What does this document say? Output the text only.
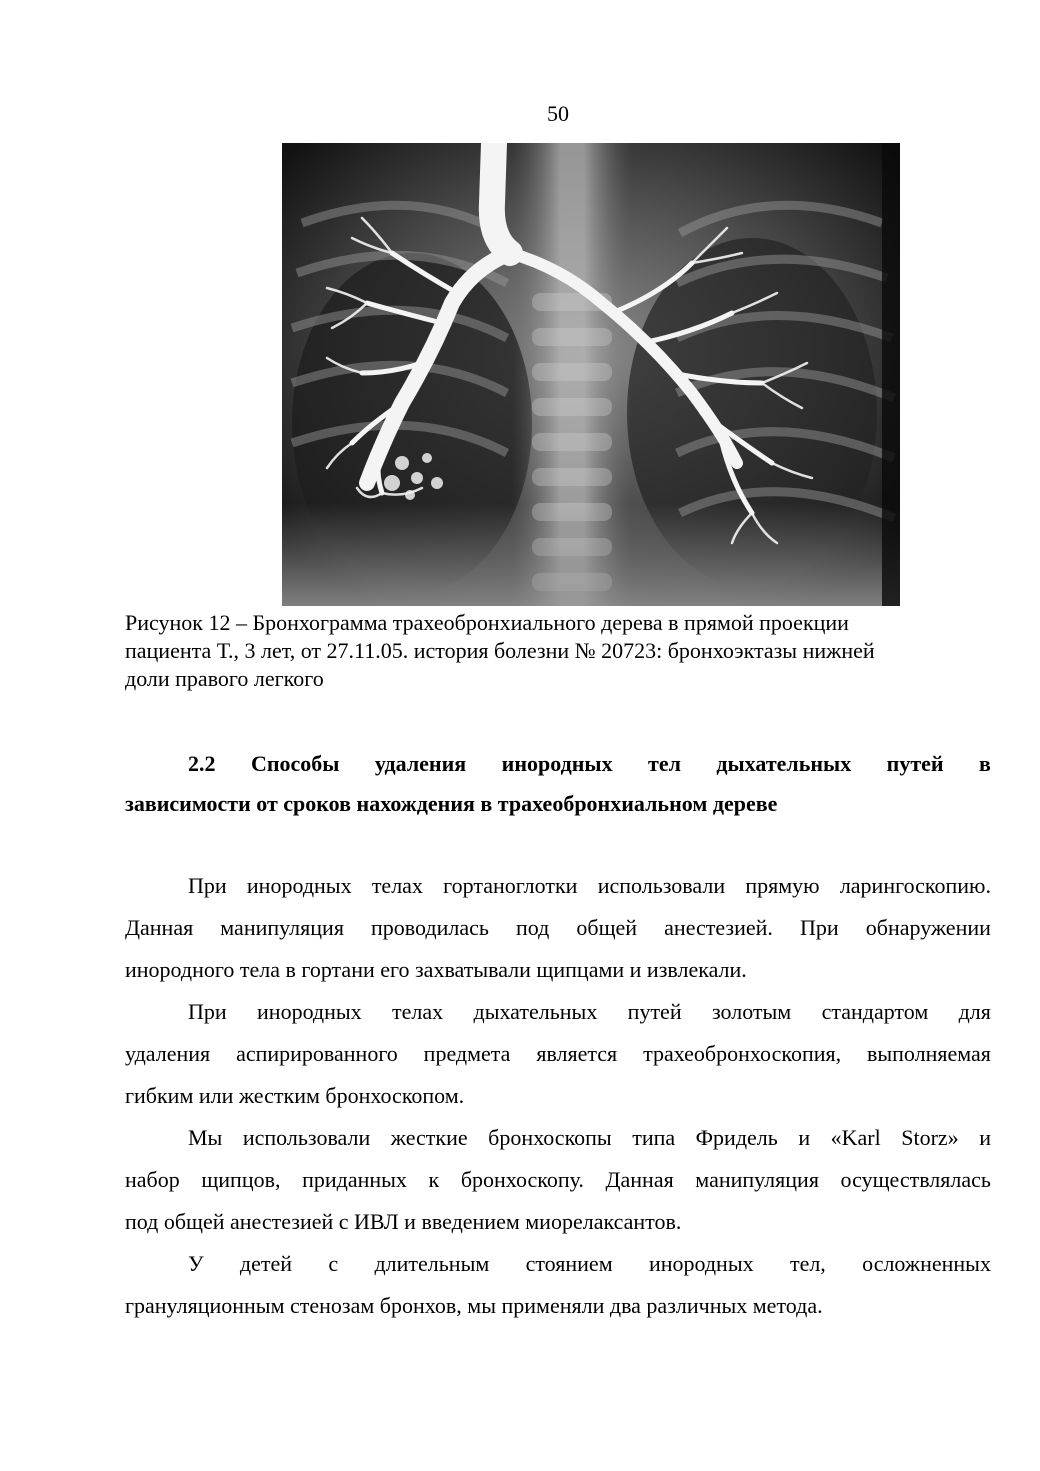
50
Рисунок 12 – Бронхограмма трахеобронхиального дерева в прямой проекции
пациента Т., 3 лет, от 27.11.05. история болезни № 20723: бронхоэктазы нижней
доли правого легкого
2.2 Способы удаления инородных тел дыхательных путей в
зависимости от сроков нахождения в трахеобронхиальном дереве
При инородных телах гортаноглотки использовали прямую ларингоскопию.
Данная манипуляция проводилась под общей анестезией. При обнаружении
инородного тела в гортани его захватывали щипцами и извлекали.
При инородных телах дыхательных путей золотым стандартом для
удаления аспирированного предмета является трахеобронхоскопия, выполняемая
гибким или жестким бронхоскопом.
Мы использовали жесткие бронхоскопы типа Фридель и «Karl Storz» и
набор щипцов, приданных к бронхоскопу. Данная манипуляция осуществлялась
под общей анестезией с ИВЛ и введением миорелаксантов.
У детей с длительным стоянием инородных тел, осложненных
грануляционным стенозам бронхов, мы применяли два различных метода.
